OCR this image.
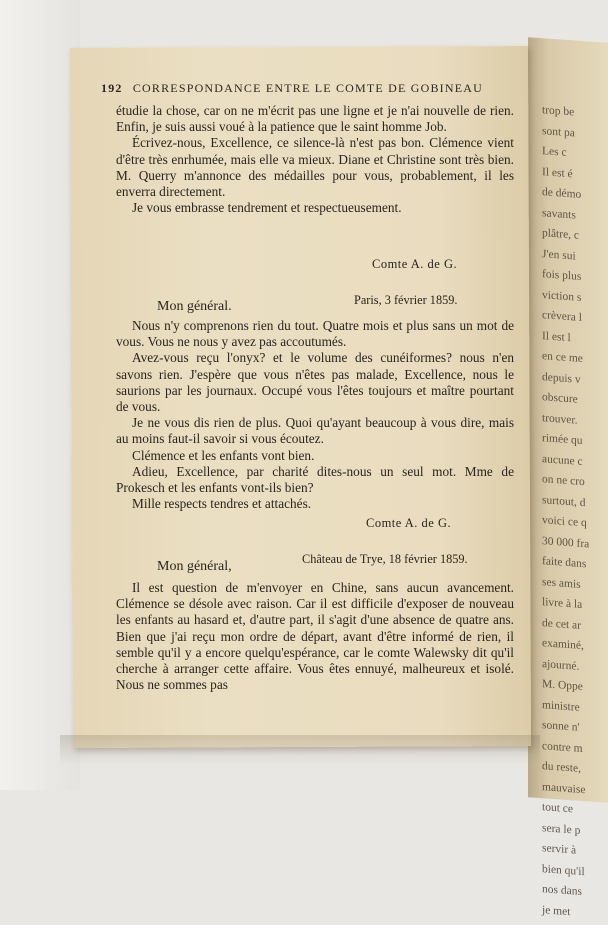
trop be
sont pa
Les c
Il est é
de démo
savants
plâtre, c
J'en sui
fois plus
viction s
crèvera l
Il est l
en ce me
depuis v
obscure
trouver.
rimée qu
aucune c
on ne cro
surtout, d
voici ce q
30 000 fra
faite dans
ses amis
livre à la
de cet ar
examiné,
ajourné.
M. Oppe
ministre
sonne n'
contre m
du reste,
mauvaise
tout ce
sera le p
servir à
bien qu'il
nos dans
je met
192 CORRESPONDANCE ENTRE LE COMTE DE GOBINEAU

étudie la chose, car on ne m'écrit pas une ligne et je n'ai nouvelle de rien. Enfin, je suis aussi voué à la patience que le saint homme Job.

Écrivez-nous, Excellence, ce silence-là n'est pas bon. Clémence vient d'être très enrhumée, mais elle va mieux. Diane et Christine sont très bien. M. Querry m'annonce des médailles pour vous, probablement, il les enverra directement.

Je vous embrasse tendrement et respectueusement.

Comte A. de G.
Paris, 3 février 1859.
Mon général.

Nous n'y comprenons rien du tout. Quatre mois et plus sans un mot de vous. Vous ne nous y avez pas accoutumés.

Avez-vous reçu l'onyx? et le volume des cunéiformes? nous n'en savons rien. J'espère que vous n'êtes pas malade, Excellence, nous le saurions par les journaux. Occupé vous l'êtes toujours et maître pourtant de vous.

Je ne vous dis rien de plus. Quoi qu'ayant beaucoup à vous dire, mais au moins faut-il savoir si vous écoutez.

Clémence et les enfants vont bien.

Adieu, Excellence, par charité dites-nous un seul mot. Mme de Prokesch et les enfants vont-ils bien?

Mille respects tendres et attachés.

Comte A. de G.
Château de Trye, 18 février 1859.
Mon général,

Il est question de m'envoyer en Chine, sans aucun avancement. Clémence se désole avec raison. Car il est difficile d'exposer de nouveau les enfants au hasard et, d'autre part, il s'agit d'une absence de quatre ans. Bien que j'ai reçu mon ordre de départ, avant d'être informé de rien, il semble qu'il y a encore quelqu'espérance, car le comte Walewsky dit qu'il cherche à arranger cette affaire. Vous êtes ennuyé, malheureux et isolé. Nous ne sommes pas
